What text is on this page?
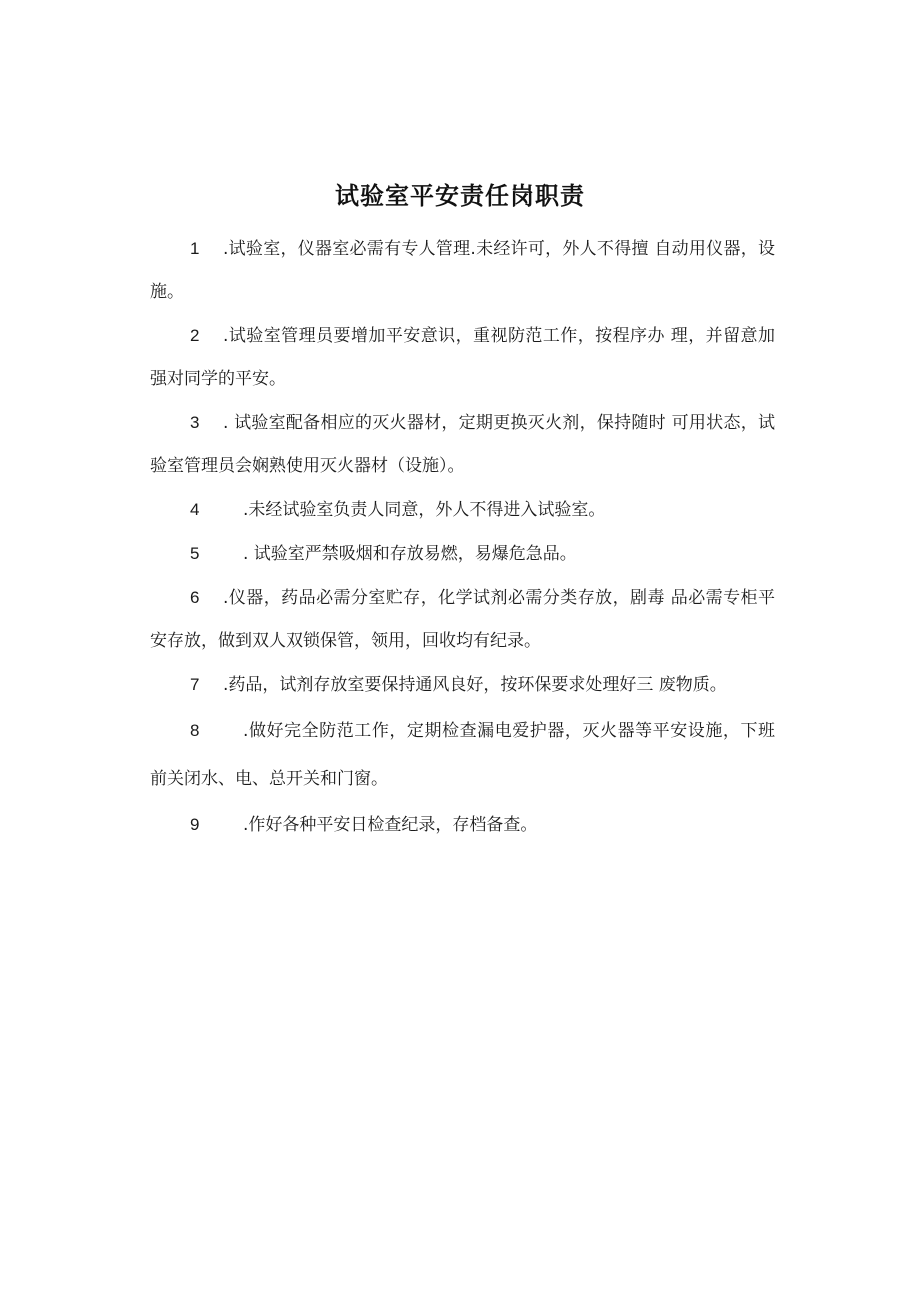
试验室平安责任岗职责

1 .试验室，仪器室必需有专人管理.未经许可，外人不得擅 自动用仪器，设施。

2 .试验室管理员要增加平安意识，重视防范工作，按程序办 理，并留意加强对同学的平安。

3 . 试验室配备相应的灭火器材，定期更换灭火剂，保持随时 可用状态，试验室管理员会娴熟使用灭火器材（设施）。

4	.未经试验室负责人同意，外人不得进入试验室。

5	. 试验室严禁吸烟和存放易燃，易爆危急品。

6 .仪器，药品必需分室贮存，化学试剂必需分类存放，剧毒 品必需专柜平安存放，做到双人双锁保管，领用，回收均有纪录。

7 .药品，试剂存放室要保持通风良好，按环保要求处理好三 废物质。

8	.做好完全防范工作，定期检查漏电爱护器，灭火器等平安设施，下班前关闭水、电、总开关和门窗。

9	.作好各种平安日检查纪录，存档备查。
